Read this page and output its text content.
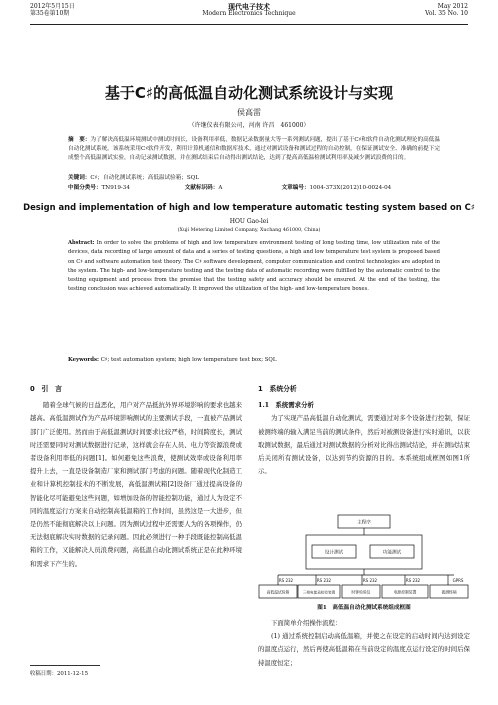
2012年5月15日
第35卷第10期
现代电子技术
Modern Electronics Technique
May 2012
Vol. 35 No. 10
基于C♯的高低温自动化测试系统设计与实现
侯高雷
（许继仪表有限公司，河南 许昌　461000）
摘　要：为了解决高低温环境测试中测试时间长，设备利用率低，数据记录数据量大等一系列测试问题，提出了基于C♯和软件自动化测试理论的高低温自动化测试系统。该系统采用C♯软件开发，利用计算机通信和数据库技术，通过对测试设备和测试过程的自动控制，在保证测试安全、准确的前提下完成整个高低温测试实验，自动记录测试数据，并在测试结束后自动得出测试结论，达到了提高高低温检测试利用率及减少测试浪费的目的。
关键词：C♯；自动化测试系统；高低温试验箱；SQL
中图分类号：TN919-34	文献标识码：A	文章编号：1004-373X(2012)10-0024-04
Design and implementation of high and low temperature automatic testing system based on C♯
HOU Gao-lei
(Xuji Metering Limited Company, Xuchang 461000, China)
Abstract: In order to solve the problems of high and low temperature environment testing of long testing time, low utilization rate of the devices, data recording of large amount of data and a series of testing questions, a high and low temperature test system is proposed based on C♯ and software automation test theory. The C♯ software development, computer communication and control technologies are adopted in the system. The high- and low-temperature testing and the testing data of automatic recording were fulfilled by the automatic control to the testing equipment and process from the premise that the testing safety and accuracy should be ensured. At the end of the testing, the testing conclusion was achieved automatically. It improved the utilization of the high- and low-temperature boxes.
Keywords: C♯; test automation system; high low temperature test box; SQL
0　引　言
随着全球气候的日益恶化，用户对产品抵抗外界环境影响的要求也越来越高。高低温测试作为产品环境影响测试的主要测试手段，一直被产品测试部门广泛使用。然而由于高低温测试时间要求比较严格，时间跨度长，测试时还需要同时对测试数据进行记录，这样就会存在人员、电力等资源浪费或者设备利用率低的问题[1]。如何避免这些浪费，使测试效率或设备利用率提升上去，一直是设备制造厂家和测试部门考虑的问题。随着现代化制造工业和计算机控制技术的不断发展，高低温测试箱[2]设备厂通过提高设备的智能化尽可能避免这些问题，如增加设备的智能控制功能，通过人为设定不同的温度运行方案来自动控制高低温箱的工作时间，虽然这是一大进步，但是仍然不能彻底解决以上问题。因为测试过程中还需要人为的各项操作，仍无法彻底解决实时数据的记录问题。因此必须进行一种手段既能控制高低温箱的工作，又能解决人员浪费问题，高低温自动化测试系统正是在此种环境和需求下产生的。
1　系统分析
1.1　系统需求分析
为了实现产品高低温自动化测试，需要通过对多个设备进行控制，保证被测终端的输入满足当前的测试条件，然后对被测设备进行实时通讯，以获取测试数据，最后通过对测试数据的分析对比得出测试结论，并在测试结束后关闭所有测试设备，以达到节约资源的目的。本系统组成框图如图1所示。
主程序
设计测试	功能测试
RS 232	RS 232	RS 232	RS 232	GPRS
高低温试验箱	三相电能表检验装置	时钟检验仪	电源控制装置	被测终端
图1　高低温自动化测试系统组成框图
下面简单介绍操作流程：
(1) 通过系统控制启动高低温箱，并使之在设定的启动时间内达到设定的温度点运行，然后再使高低温箱在当前设定的温度点运行设定的时间后保持温度恒定；
收稿日期：2011-12-15
